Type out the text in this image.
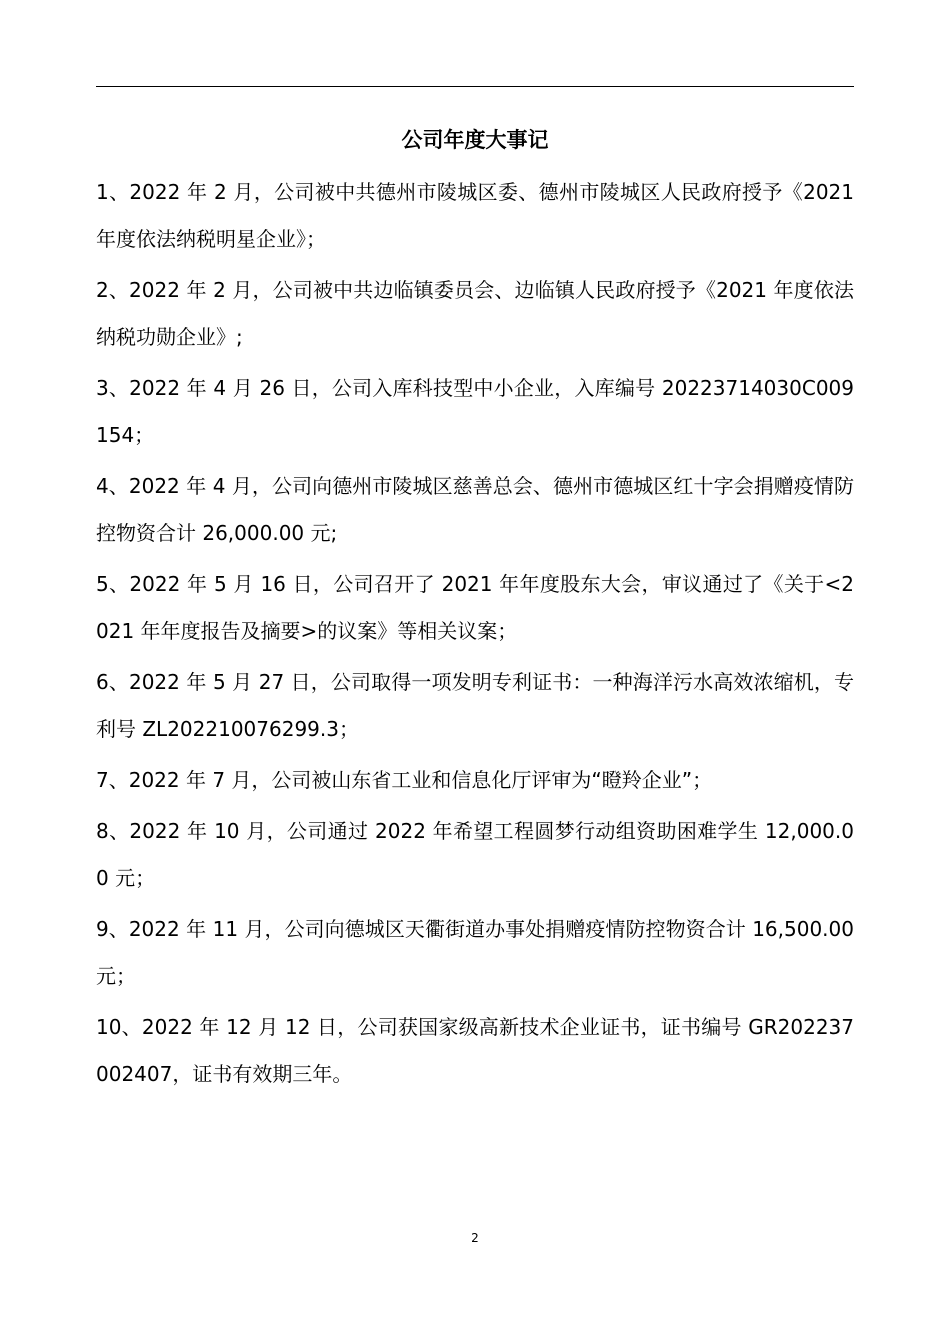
公司年度大事记

1、2022 年 2 月，公司被中共德州市陵城区委、德州市陵城区人民政府授予《2021 年度依法纳税明星企业》；

2、2022 年 2 月，公司被中共边临镇委员会、边临镇人民政府授予《2021 年度依法纳税功勋企业》;

3、2022 年 4 月 26 日，公司入库科技型中小企业，入库编号 20223714030C009154；

4、2022 年 4 月，公司向德州市陵城区慈善总会、德州市德城区红十字会捐赠疫情防控物资合计 26,000.00 元;

5、2022 年 5 月 16 日，公司召开了 2021 年年度股东大会，审议通过了《关于<2021 年年度报告及摘要>的议案》等相关议案；

6、2022 年 5 月 27 日，公司取得一项发明专利证书：一种海洋污水高效浓缩机，专利号 ZL202210076299.3；

7、2022 年 7 月，公司被山东省工业和信息化厅评审为“瞪羚企业”；

8、2022 年 10 月，公司通过 2022 年希望工程圆梦行动组资助困难学生 12,000.00 元；

9、2022 年 11 月，公司向德城区天衢街道办事处捐赠疫情防控物资合计 16,500.00 元；

10、2022 年 12 月 12 日，公司获国家级高新技术企业证书，证书编号 GR202237002407，证书有效期三年。

2
